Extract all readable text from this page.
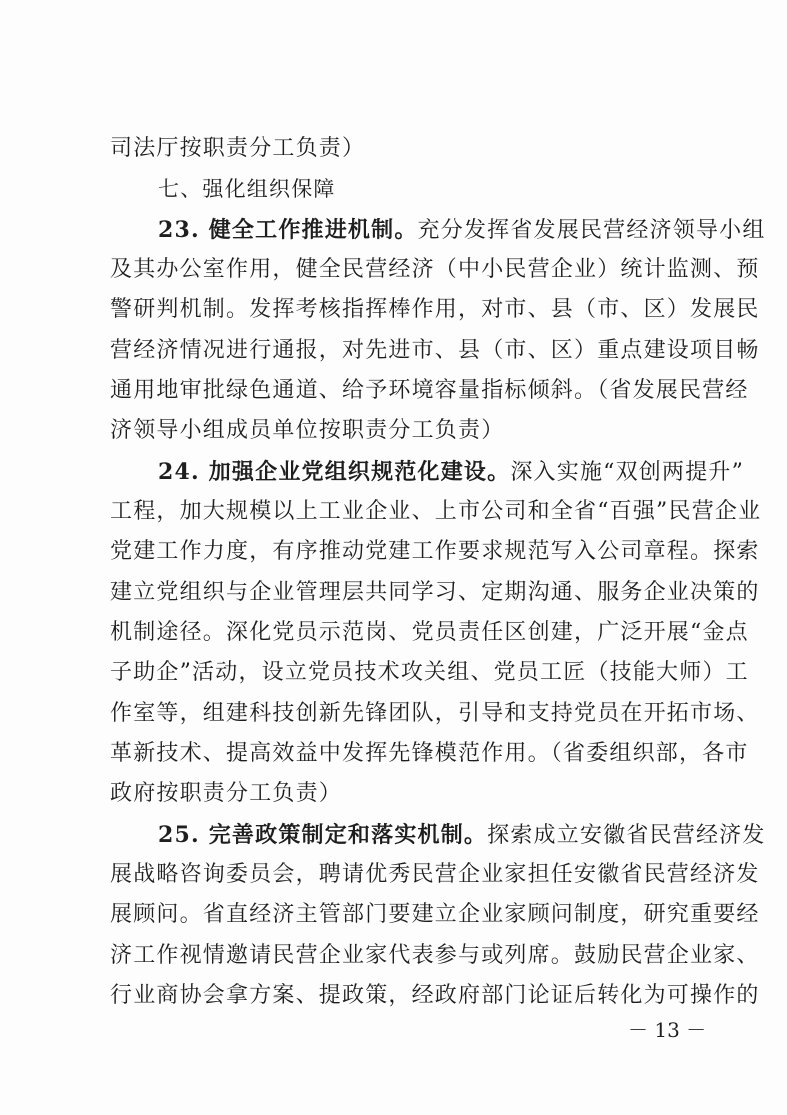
司法厅按职责分工负责）
七、强化组织保障
23. 健全工作推进机制。充分发挥省发展民营经济领导小组
及其办公室作用，健全民营经济（中小民营企业）统计监测、预
警研判机制。发挥考核指挥棒作用，对市、县（市、区）发展民
营经济情况进行通报，对先进市、县（市、区）重点建设项目畅
通用地审批绿色通道、给予环境容量指标倾斜。（省发展民营经
济领导小组成员单位按职责分工负责）
24. 加强企业党组织规范化建设。深入实施“双创两提升”
工程，加大规模以上工业企业、上市公司和全省“百强”民营企业
党建工作力度，有序推动党建工作要求规范写入公司章程。探索
建立党组织与企业管理层共同学习、定期沟通、服务企业决策的
机制途径。深化党员示范岗、党员责任区创建，广泛开展“金点
子助企”活动，设立党员技术攻关组、党员工匠（技能大师）工
作室等，组建科技创新先锋团队，引导和支持党员在开拓市场、
革新技术、提高效益中发挥先锋模范作用。（省委组织部，各市
政府按职责分工负责）
25. 完善政策制定和落实机制。探索成立安徽省民营经济发
展战略咨询委员会，聘请优秀民营企业家担任安徽省民营经济发
展顾问。省直经济主管部门要建立企业家顾问制度，研究重要经
济工作视情邀请民营企业家代表参与或列席。鼓励民营企业家、
行业商协会拿方案、提政策，经政府部门论证后转化为可操作的
－ 13 －
